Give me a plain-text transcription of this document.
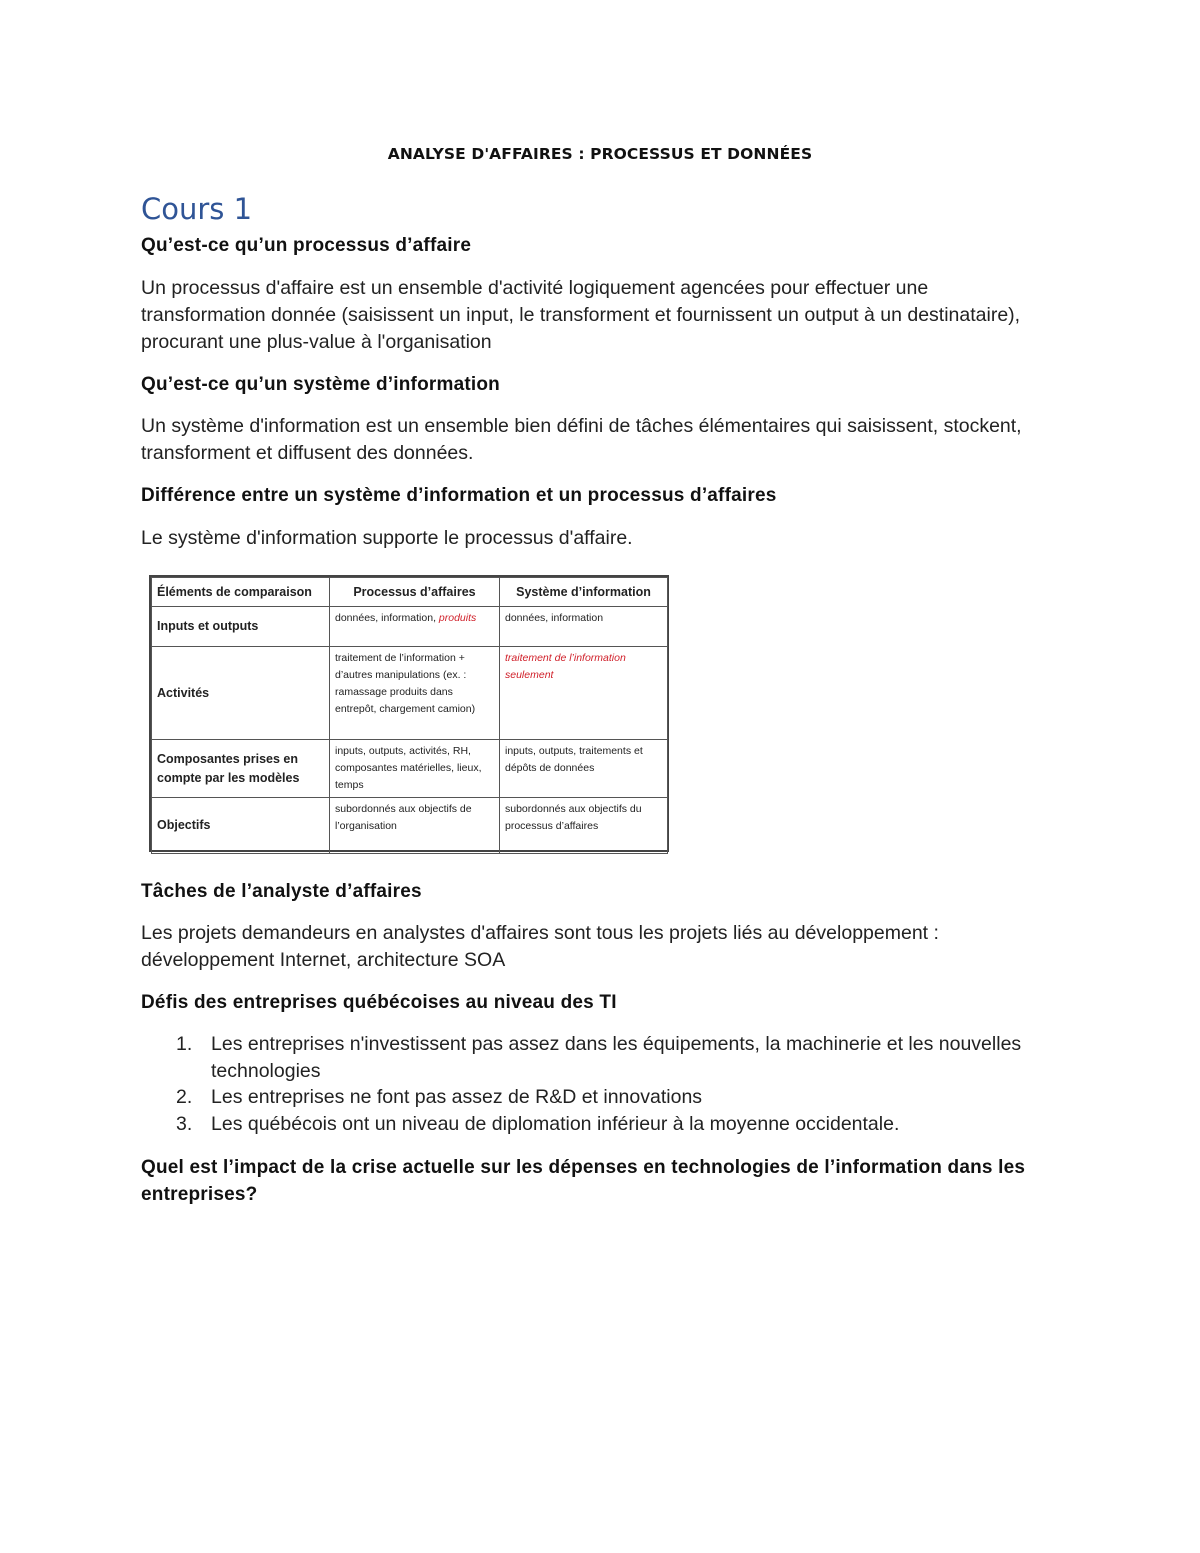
ANALYSE D'AFFAIRES : PROCESSUS ET DONNÉES
Cours 1
Qu’est-ce qu’un processus d’affaire
Un processus d'affaire est un ensemble d'activité logiquement agencées pour effectuer une transformation donnée (saisissent un input, le transforment et fournissent un output à un destinataire), procurant une plus-value à l'organisation
Qu’est-ce qu’un système d’information
Un système d'information est un ensemble bien défini de tâches élémentaires qui saisissent, stockent, transforment et diffusent des données.
Différence entre un système d’information et un processus d’affaires
Le système d'information supporte le processus d'affaire.
Éléments de comparaison	Processus d’affaires	Système d’information
Inputs et outputs	données, information, produits	données, information
Activités	traitement de l’information + d’autres manipulations (ex. : ramassage produits dans entrepôt, chargement camion)	traitement de l’information seulement
Composantes prises en compte par les modèles	inputs, outputs, activités, RH, composantes matérielles, lieux, temps	inputs, outputs, traitements et dépôts de données
Objectifs	subordonnés aux objectifs de l’organisation	subordonnés aux objectifs du processus d’affaires
Tâches de l’analyste d’affaires
Les projets demandeurs en analystes d'affaires sont tous les projets liés au développement : développement Internet, architecture SOA
Défis des entreprises québécoises au niveau des TI
1. Les entreprises n'investissent pas assez dans les équipements, la machinerie et les nouvelles technologies
2. Les entreprises ne font pas assez de R&D et innovations
3. Les québécois ont un niveau de diplomation inférieur à la moyenne occidentale.
Quel est l’impact de la crise actuelle sur les dépenses en technologies de l’information dans les entreprises?
